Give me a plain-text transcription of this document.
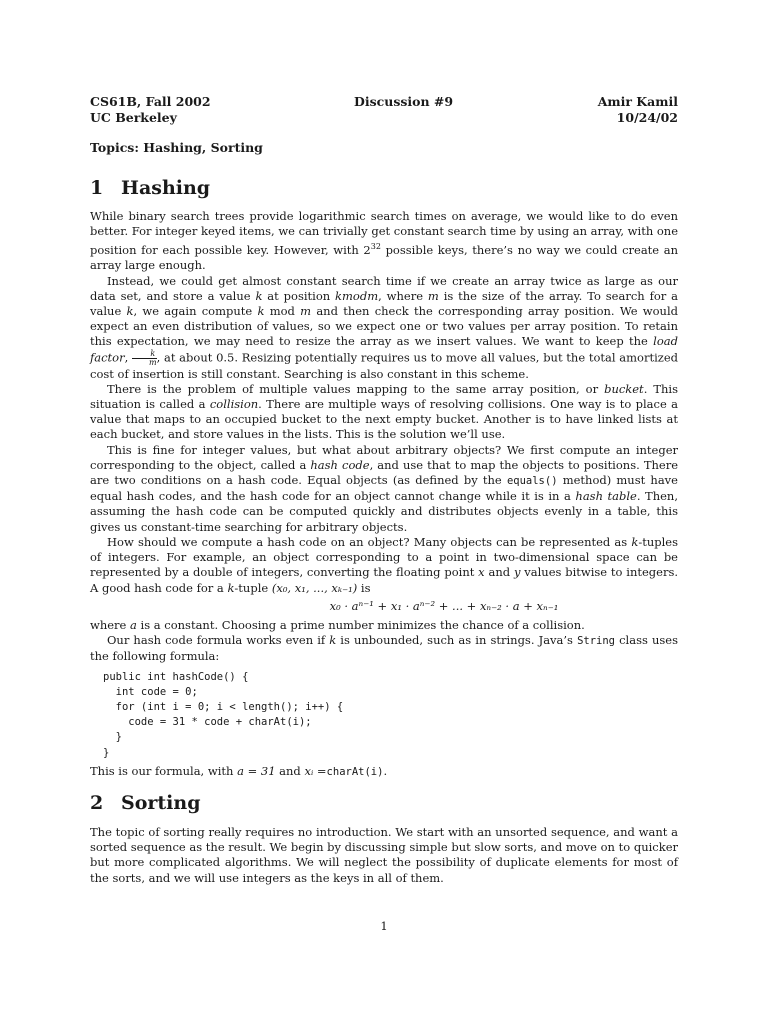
CS61B, Fall 2002
UC Berkeley
Discussion #9	Amir Kamil
10/24/02
Topics: Hashing, Sorting
1 Hashing

While binary search trees provide logarithmic search times on average, we would like to do even better. For integer keyed items, we can trivially get constant search time by using an array, with one position for each possible key. However, with $2^{32}$ possible keys, there’s no way we could create an array large enough.

Instead, we could get almost constant search time if we create an array twice as large as our data set, and store a value k at position kmodm, where m is the size of the array. To search for a value k, we again compute k mod m and then check the corresponding array position. We would expect an even distribution of values, so we expect one or two values per array position. To retain this expectation, we may need to resize the array as we insert values. We want to keep the load factor, $\frac{k}{m}$ , at about 0.5. Resizing potentially requires us to move all values, but the total amortized cost of insertion is still constant. Searching is also constant in this scheme.

There is the problem of multiple values mapping to the same array position, or bucket. This situation is called a collision. There are multiple ways of resolving collisions. One way is to place a value that maps to an occupied bucket to the next empty bucket. Another is to have linked lists at each bucket, and store values in the lists. This is the solution we’ll use.

This is fine for integer values, but what about arbitrary objects? We first compute an integer corresponding to the object, called a hash code, and use that to map the objects to positions. There are two conditions on a hash code. Equal objects (as defined by the equals() method) must have equal hash codes, and the hash code for an object cannot change while it is in a hash table. Then, assuming the hash code can be computed quickly and distributes objects evenly in a table, this gives us constant-time searching for arbitrary objects.

How should we compute a hash code on an object? Many objects can be represented as k-tuples of integers. For example, an object corresponding to a point in two-dimensional space can be represented by a double of integers, converting the floating point x and y values bitwise to integers. A good hash code for a k-tuple (x₀, x₁, ..., xₖ₋₁) is

x₀ · aⁿ⁻¹ + x₁ · aⁿ⁻² + ... + xₙ₋₂ · a + xₙ₋₁

where a is a constant. Choosing a prime number minimizes the chance of a collision.

Our hash code formula works even if k is unbounded, such as in strings. Java’s String class uses the following formula:

public int hashCode() {
int code = 0;
for (int i = 0; i < length(); i++) {
code = 31 * code + charAt(i);
}
}

This is our formula, with a = 31 and xᵢ =charAt(i).

2 Sorting

The topic of sorting really requires no introduction. We start with an unsorted sequence, and want a sorted sequence as the result. We begin by discussing simple but slow sorts, and move on to quicker but more complicated algorithms. We will neglect the possibility of duplicate elements for most of the sorts, and we will use integers as the keys in all of them.

1
